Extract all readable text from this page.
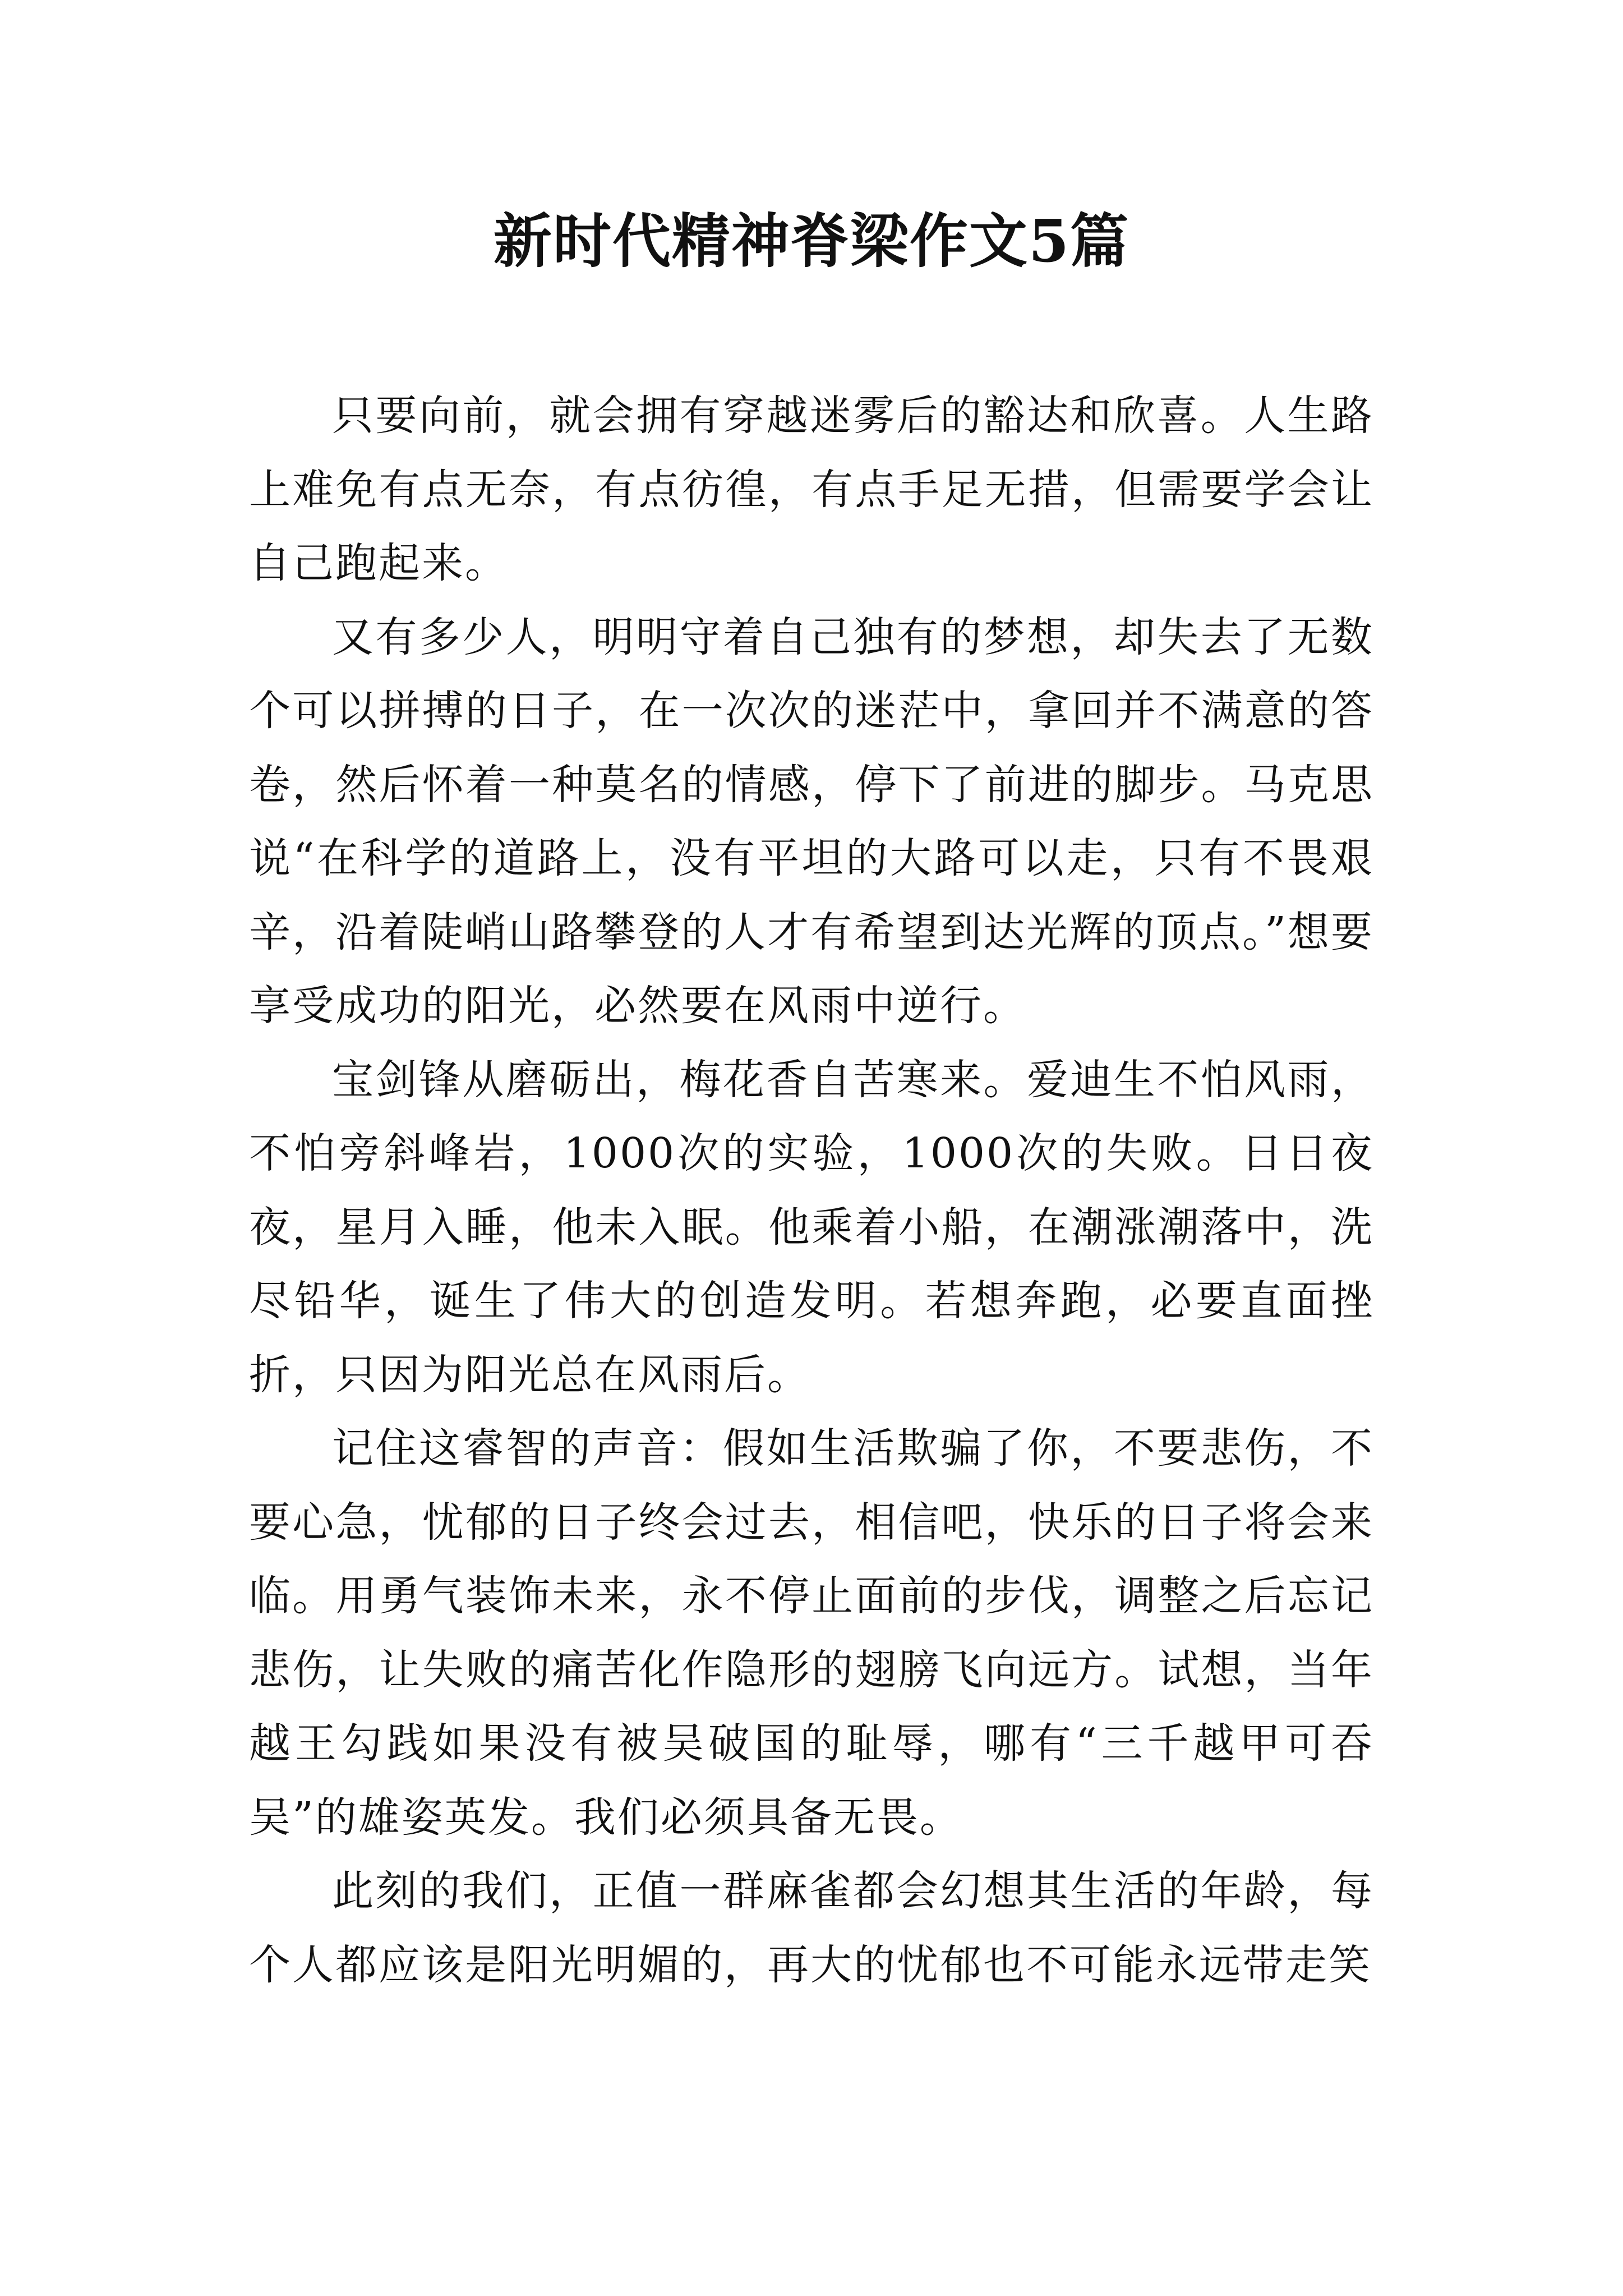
新时代精神脊梁作文5篇

只要向前，就会拥有穿越迷雾后的豁达和欣喜。人生路上难免有点无奈，有点彷徨，有点手足无措，但需要学会让自己跑起来。

又有多少人，明明守着自己独有的梦想，却失去了无数个可以拼搏的日子，在一次次的迷茫中，拿回并不满意的答卷，然后怀着一种莫名的情感，停下了前进的脚步。马克思说“在科学的道路上，没有平坦的大路可以走，只有不畏艰辛，沿着陡峭山路攀登的人才有希望到达光辉的顶点。”想要享受成功的阳光，必然要在风雨中逆行。

宝剑锋从磨砺出，梅花香自苦寒来。爱迪生不怕风雨，不怕旁斜峰岩，1000次的实验，1000次的失败。日日夜夜，星月入睡，他未入眠。他乘着小船，在潮涨潮落中，洗尽铅华，诞生了伟大的创造发明。若想奔跑，必要直面挫折，只因为阳光总在风雨后。

记住这睿智的声音：假如生活欺骗了你，不要悲伤，不要心急，忧郁的日子终会过去，相信吧，快乐的日子将会来临。用勇气装饰未来，永不停止面前的步伐，调整之后忘记悲伤，让失败的痛苦化作隐形的翅膀飞向远方。试想，当年越王勾践如果没有被吴破国的耻辱，哪有“三千越甲可吞吴”的雄姿英发。我们必须具备无畏。

此刻的我们，正值一群麻雀都会幻想其生活的年龄，每个人都应该是阳光明媚的，再大的忧郁也不可能永远带走笑
